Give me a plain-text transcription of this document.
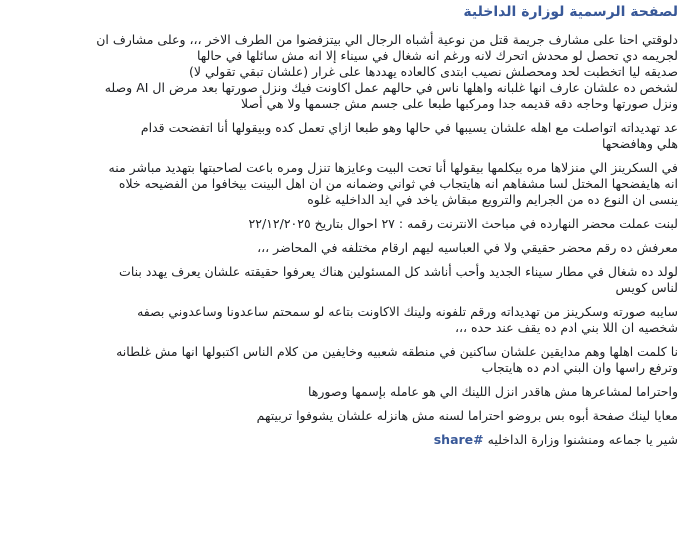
لصفحة الرسمية لوزارة الداخلية
دلوقتي احنا على مشارف جريمة قتل من نوعية أشباه الرجال الي بيتزفضوا من الطرف الاخر ،،، وعلى مشارف ان
لجريمه دي تحصل لو محدش اتحرك لانه ورغم انه شغال في سيناء إلا انه مش سائلها في حالها
صديقه ليا اتخطبت لحد ومحصلش نصيب ابتدى كالعاده يهددها على غرار (علشان تبقي تقولي لا)
لشخص ده علشان عارف انها غلبانه واهلها ناس في حالهم عمل اكاونت فيك ونزل صورتها بعد مرض ال AI وصله
ونزل صورتها وحاجه دقه قديمه جدا ومركبها طبعا على جسم مش جسمها ولا هي أصلا
عد تهديداته اتواصلت مع اهله علشان يسيبها في حالها وهو طبعا ازاي تعمل كده وبيقولها أنا اتفضحت قدام
هلي وهافضحها
في السكرينز الي منزلاها مره بيكلمها بيقولها أنا تحت البيت وعايزها تنزل ومره باعت لصاحبتها بتهديد مباشر منه
انه هايفضحها المختل لسا مشفاهم انه هايتجاب في ثواني وضمانه من ان اهل البينت بيخافوا من الفضيحه خلاه
ينسى ان النوع ده من الجرايم والترويع مبقاش ياخد في ايد الداخليه غلوه
لبنت عملت محضر النهارده في مباحث الانترنت رقمه : ٢٧ احوال بتاريخ ٢٢/١٢/٢٠٢٥
معرفش ده رقم محضر حقيقي ولا في العباسيه ليهم ارقام مختلفه في المحاضر ،،،
لولد ده شغال في مطار سيناء الجديد وأحب أناشد كل المسئولين هناك يعرفوا حقيقته علشان يعرف يهدد بنات
لناس كويس
سايبه صورته وسكرينز من تهديداته ورقم تلفونه ولينك الاكاونت بتاعه لو سمحتم ساعدونا وساعدوني بصفه
شخصيه ان اللا بني ادم ده يقف عند حده ،،،
نا كلمت اهلها وهم مدايقين علشان ساكنين في منطقه شعبيه وخايفين من كلام الناس اكتبولها انها مش غلطانه
وترفع راسها وان البني ادم ده هايتجاب
واحتراما لمشاعرها مش هاقدر انزل اللينك الي هو عامله بإسمها وصورها
معايا لينك صفحة أبوه بس بروضو احتراما لسنه مش هانزله علشان يشوفوا تربيتهم
شير يا جماعه ومنشنوا وزارة الداخليه #share
